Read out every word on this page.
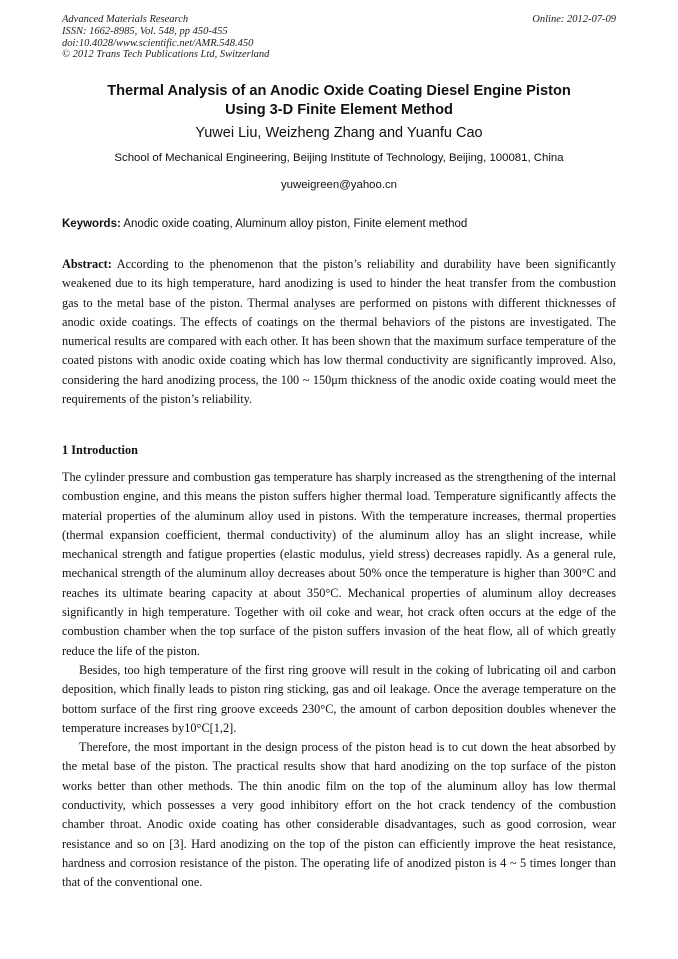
Advanced Materials Research
ISSN: 1662-8985, Vol. 548, pp 450-455
doi:10.4028/www.scientific.net/AMR.548.450
© 2012 Trans Tech Publications Ltd, Switzerland
Online: 2012-07-09
Thermal Analysis of an Anodic Oxide Coating Diesel Engine Piston
Using 3-D Finite Element Method
Yuwei Liu, Weizheng Zhang and Yuanfu Cao
School of Mechanical Engineering, Beijing Institute of Technology, Beijing, 100081, China
yuweigreen@yahoo.cn
Keywords: Anodic oxide coating, Aluminum alloy piston, Finite element method
Abstract: According to the phenomenon that the piston’s reliability and durability have been significantly weakened due to its high temperature, hard anodizing is used to hinder the heat transfer from the combustion gas to the metal base of the piston. Thermal analyses are performed on pistons with different thicknesses of anodic oxide coatings. The effects of coatings on the thermal behaviors of the pistons are investigated. The numerical results are compared with each other. It has been shown that the maximum surface temperature of the coated pistons with anodic oxide coating which has low thermal conductivity are significantly improved. Also, considering the hard anodizing process, the 100 ~ 150μm thickness of the anodic oxide coating would meet the requirements of the piston’s reliability.
1 Introduction

The cylinder pressure and combustion gas temperature has sharply increased as the strengthening of the internal combustion engine, and this means the piston suffers higher thermal load. Temperature significantly affects the material properties of the aluminum alloy used in pistons. With the temperature increases, thermal properties (thermal expansion coefficient, thermal conductivity) of the aluminum alloy has an slight increase, while mechanical strength and fatigue properties (elastic modulus, yield stress) decreases rapidly. As a general rule, mechanical strength of the aluminum alloy decreases about 50% once the temperature is higher than 300°C and reaches its ultimate bearing capacity at about 350°C. Mechanical properties of aluminum alloy decreases significantly in high temperature. Together with oil coke and wear, hot crack often occurs at the edge of the combustion chamber when the top surface of the piston suffers invasion of the heat flow, all of which greatly reduce the life of the piston.

Besides, too high temperature of the first ring groove will result in the coking of lubricating oil and carbon deposition, which finally leads to piston ring sticking, gas and oil leakage. Once the average temperature on the bottom surface of the first ring groove exceeds 230°C, the amount of carbon deposition doubles whenever the temperature increases by10°C[1,2].

Therefore, the most important in the design process of the piston head is to cut down the heat absorbed by the metal base of the piston. The practical results show that hard anodizing on the top surface of the piston works better than other methods. The thin anodic film on the top of the aluminum alloy has low thermal conductivity, which possesses a very good inhibitory effort on the hot crack tendency of the combustion chamber throat. Anodic oxide coating has other considerable disadvantages, such as good corrosion, wear resistance and so on [3]. Hard anodizing on the top of the piston can efficiently improve the heat resistance, hardness and corrosion resistance of the piston. The operating life of anodized piston is 4 ~ 5 times longer than that of the conventional one.
